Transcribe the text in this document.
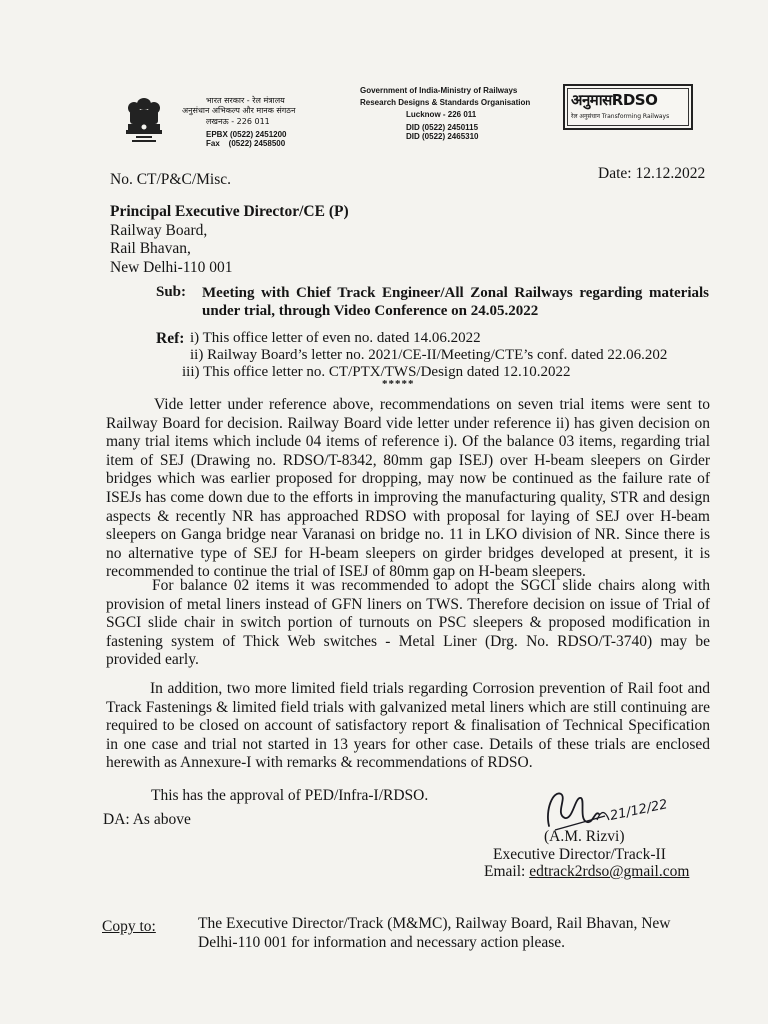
भारत सरकार - रेल मंत्रालय
अनुसंधान अभिकल्प और मानक संगठन
लखनऊ - 226 011
EPBX (0522) 2451200
Fax    (0522) 2458500
Government of India-Ministry of Railways
Research Designs & Standards Organisation
Lucknow - 226 011
DID (0522) 2450115
DID (0522) 2465310
अनुमासRDSO
रेल अनुसंधान Transforming Railways
No. CT/P&C/Misc.	Date: 12.12.2022
Principal Executive Director/CE (P)
Railway Board,
Rail Bhavan,
New Delhi-110 001
Sub: Meeting with Chief Track Engineer/All Zonal Railways regarding materials under trial, through Video Conference on 24.05.2022
Ref: i) This office letter of even no. dated 14.06.2022
ii) Railway Board’s letter no. 2021/CE-II/Meeting/CTE’s conf. dated 22.06.202
iii) This office letter no. CT/PTX/TWS/Design dated 12.10.2022
*****

Vide letter under reference above, recommendations on seven trial items were sent to Railway Board for decision. Railway Board vide letter under reference ii) has given decision on many trial items which include 04 items of reference i). Of the balance 03 items, regarding trial item of SEJ (Drawing no. RDSO/T-8342, 80mm gap ISEJ) over H-beam sleepers on Girder bridges which was earlier proposed for dropping, may now be continued as the failure rate of ISEJs has come down due to the efforts in improving the manufacturing quality, STR and design aspects & recently NR has approached RDSO with proposal for laying of SEJ over H-beam sleepers on Ganga bridge near Varanasi on bridge no. 11 in LKO division of NR. Since there is no alternative type of SEJ for H-beam sleepers on girder bridges developed at present, it is recommended to continue the trial of ISEJ of 80mm gap on H-beam sleepers.

For balance 02 items it was recommended to adopt the SGCI slide chairs along with provision of metal liners instead of GFN liners on TWS. Therefore decision on issue of Trial of SGCI slide chair in switch portion of turnouts on PSC sleepers & proposed modification in fastening system of Thick Web switches - Metal Liner (Drg. No. RDSO/T-3740) may be provided early.

In addition, two more limited field trials regarding Corrosion prevention of Rail foot and Track Fastenings & limited field trials with galvanized metal liners which are still continuing are required to be closed on account of satisfactory report & finalisation of Technical Specification in one case and trial not started in 13 years for other case. Details of these trials are enclosed herewith as Annexure-I with remarks & recommendations of RDSO.

This has the approval of PED/Infra-I/RDSO.
DA: As above	21/12/22
(A.M. Rizvi)
Executive Director/Track-II
Email: edtrack2rdso@gmail.com
Copy to:	The Executive Director/Track (M&MC), Railway Board, Rail Bhavan, New
Delhi-110 001 for information and necessary action please.
